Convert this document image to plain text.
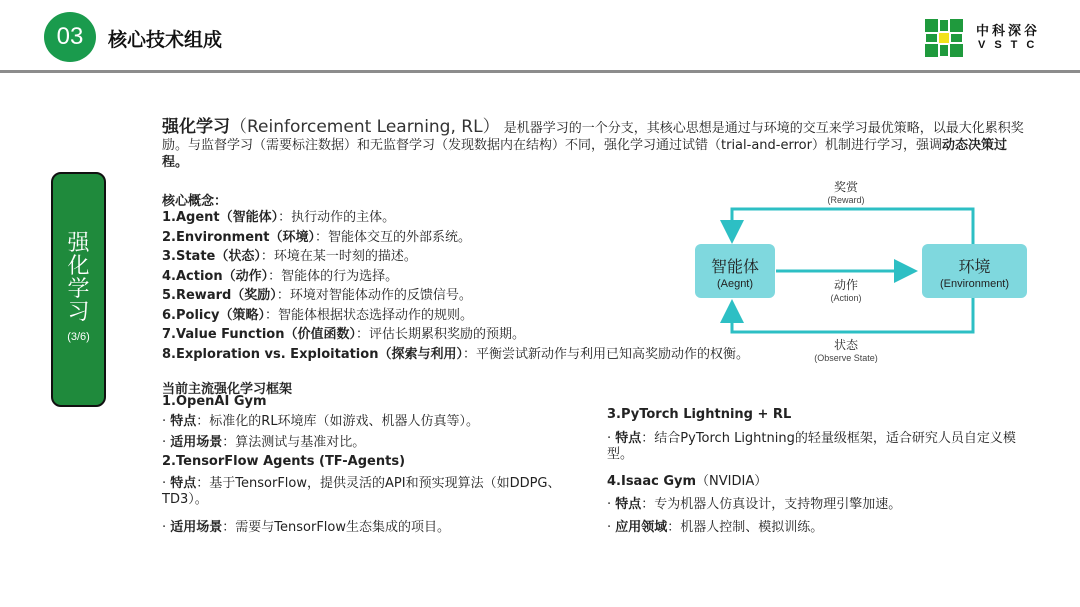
03	核心技术组成	中科深谷
VSTC
强
化
学
习
(3/6)
强化学习（Reinforcement Learning, RL） 是机器学习的一个分支，其核心思想是通过与环境的交互来学习最优策略，以最大化累积奖励。与监督学习（需要标注数据）和无监督学习（发现数据内在结构）不同，强化学习通过试错（trial-and-error）机制进行学习，强调动态决策过程。
核心概念：
1.Agent（智能体）：执行动作的主体。
2.Environment（环境）：智能体交互的外部系统。
3.State（状态）：环境在某一时刻的描述。
4.Action（动作）：智能体的行为选择。
5.Reward（奖励）：环境对智能体动作的反馈信号。
6.Policy（策略）：智能体根据状态选择动作的规则。
7.Value Function（价值函数）：评估长期累积奖励的预期。
8.Exploration vs. Exploitation（探索与利用）：平衡尝试新动作与利用已知高奖励动作的权衡。
智能体
(Aegnt)
环境
(Environment)
奖赏
(Reward)
动作
(Action)
状态
(Observe State)
当前主流强化学习框架
1.OpenAI Gym
· 特点：标准化的RL环境库（如游戏、机器人仿真等）。
· 适用场景：算法测试与基准对比。
2.TensorFlow Agents (TF-Agents)
· 特点：基于TensorFlow，提供灵活的API和预实现算法（如DDPG、
TD3）。
· 适用场景：需要与TensorFlow生态集成的项目。
3.PyTorch Lightning + RL
· 特点：结合PyTorch Lightning的轻量级框架，适合研究人员自定义模
型。
4.Isaac Gym（NVIDIA）
· 特点：专为机器人仿真设计，支持物理引擎加速。
· 应用领域：机器人控制、模拟训练。
